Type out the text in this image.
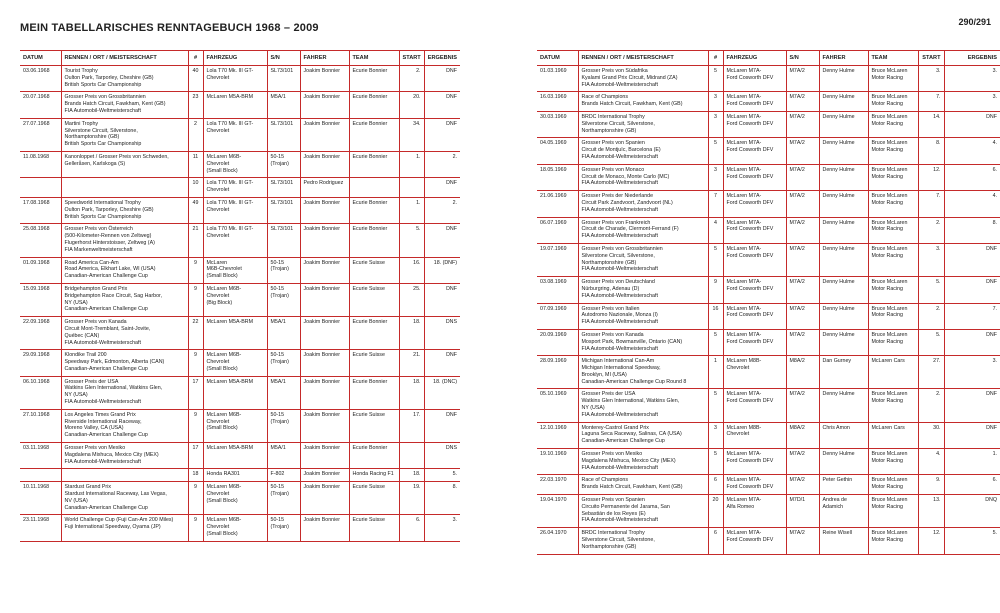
MEIN TABELLARISCHES RENNTAGEBUCH 1968 – 2009	290/291
DATUM	RENNEN / ORT / MEISTERSCHAFT	#	FAHRZEUG	S/N	FAHRER	TEAM	START	ERGEBNIS
03.06.1968	Tourist Trophy
Oulton Park, Tarporley, Cheshire (GB)
British Sports Car Championship	40	Lola T70 Mk. III GT-
Chevrolet	SL73/101	Joakim Bonnier	Ecurie Bonnier	2.	DNF
20.07.1968	Grosser Preis von Grossbritannien
Brands Hatch Circuit, Fawkham, Kent (GB)
FIA Automobil-Weltmeisterschaft	23	McLaren M5A-BRM	M5A/1	Joakim Bonnier	Ecurie Bonnier	20.	DNF
27.07.1968	Martini Trophy
Silverstone Circuit, Silverstone,
Northamptonshire (GB)
British Sports Car Championship	2	Lola T70 Mk. III GT-
Chevrolet	SL73/101	Joakim Bonnier	Ecurie Bonnier	34.	DNF
11.08.1968	Kanonloppet / Grosser Preis von Schweden,
Gelleråsen, Karlskoga (S)	11	McLaren M6B-
Chevrolet
(Small Block)	50-15
(Trojan)	Joakim Bonnier	Ecurie Bonnier	1.	2.
		10	Lola T70 Mk. III GT-
Chevrolet	SL73/101	Pedro Rodriguez			DNF
17.08.1968	Speedworld International Trophy
Oulton Park, Tarporley, Cheshire (GB)
British Sports Car Championship	49	Lola T70 Mk. III GT-
Chevrolet	SL73/101	Joakim Bonnier	Ecurie Bonnier	1.	2.
25.08.1968	Grosser Preis von Österreich
(500-Kilometer-Rennen von Zeltweg)
Flugerhorst Hinterstoisser, Zeltweg (A)
FIA Markenweltmeisterschaft	21	Lola T70 Mk. III GT-
Chevrolet	SL73/101	Joakim Bonnier	Ecurie Bonnier	5.	DNF
01.09.1968	Road America Can-Am
Road America, Elkhart Lake, WI (USA)
Canadian-American Challenge Cup	9	McLaren
M6B-Chevrolet
(Small Block)	50-15
(Trojan)	Joakim Bonnier	Ecurie Suisse	16.	18. (DNF)
15.09.1968	Bridgehampton Grand Prix
Bridgehampton Race Circuit, Sag Harbor,
NY (USA)
Canadian-American Challenge Cup	9	McLaren M6B-
Chevrolet
(Big Block)	50-15
(Trojan)	Joakim Bonnier	Ecurie Suisse	25.	DNF
22.09.1968	Grosser Preis von Kanada
Circuit Mont-Tremblant, Saint-Jovite,
Québec (CAN)
FIA Automobil-Weltmeisterschaft	22	McLaren M5A-BRM	M5A/1	Joakim Bonnier	Ecurie Bonnier	18.	DNS
29.09.1968	Klondike Trail 200
Speedway Park, Edmonton, Alberta (CAN)
Canadian-American Challenge Cup	9	McLaren M6B-
Chevrolet
(Small Block)	50-15
(Trojan)	Joakim Bonnier	Ecurie Suisse	21.	DNF
06.10.1968	Grosser Preis der USA
Watkins Glen International, Watkins Glen,
NY (USA)
FIA Automobil-Weltmeisterschaft	17	McLaren M5A-BRM	M5A/1	Joakim Bonnier	Ecurie Bonnier	18.	18. (DNC)
27.10.1968	Los Angeles Times Grand Prix
Riverside International Raceway,
Moreno Valley, CA (USA)
Canadian-American Challenge Cup	9	McLaren M6B-
Chevrolet
(Small Block)	50-15
(Trojan)	Joakim Bonnier	Ecurie Suisse	17.	DNF
03.11.1968	Grosser Preis von Mexiko
Magdalena Mixhuca, Mexico City (MEX)
FIA Automobil-Weltmeisterschaft	17	McLaren M5A-BRM	M5A/1	Joakim Bonnier	Ecurie Bonnier		DNS
		18	Honda RA301	F-802	Joakim Bonnier	Honda Racing F1	18.	5.
10.11.1968	Stardust Grand Prix
Stardust International Raceway, Las Vegas,
NV (USA)
Canadian-American Challenge Cup	9	McLaren M6B-
Chevrolet
(Small Block)	50-15
(Trojan)	Joakim Bonnier	Ecurie Suisse	19.	8.
23.11.1968	World Challenge Cup (Fuji Can-Am 200 Miles)
Fuji International Speedway, Oyama (JP)	9	McLaren M6B-
Chevrolet
(Small Block)	50-15
(Trojan)	Joakim Bonnier	Ecurie Suisse	6.	3.
DATUM	RENNEN / ORT / MEISTERSCHAFT	#	FAHRZEUG	S/N	FAHRER	TEAM	START	ERGEBNIS
01.03.1969	Grosser Preis von Südafrika
Kyalami Grand Prix Circuit, Midrand (ZA)
FIA Automobil-Weltmeisterschaft	5	McLaren M7A-
Ford Cosworth DFV	M7A/2	Denny Hulme	Bruce McLaren
Motor Racing	3.	3.
16.03.1969	Race of Champions
Brands Hatch Circuit, Fawkham, Kent (GB)	3	McLaren M7A-
Ford Cosworth DFV	M7A/2	Denny Hulme	Bruce McLaren
Motor Racing	7.	3.
30.03.1969	BRDC International Trophy
Silverstone Circuit, Silverstone,
Northamptonshire (GB)	3	McLaren M7A-
Ford Cosworth DFV	M7A/2	Denny Hulme	Bruce McLaren
Motor Racing	14.	DNF
04.05.1969	Grosser Preis von Spanien
Circuit de Montjuïc, Barcelona (E)
FIA Automobil-Weltmeisterschaft	5	McLaren M7A-
Ford Cosworth DFV	M7A/2	Denny Hulme	Bruce McLaren
Motor Racing	8.	4.
18.05.1969	Grosser Preis von Monaco
Circuit de Monaco, Monte Carlo (MC)
FIA Automobil-Weltmeisterschaft	3	McLaren M7A-
Ford Cosworth DFV	M7A/2	Denny Hulme	Bruce McLaren
Motor Racing	12.	6.
21.06.1969	Grosser Preis der Niederlande
Circuit Park Zandvoort, Zandvoort (NL)
FIA Automobil-Weltmeisterschaft	7	McLaren M7A-
Ford Cosworth DFV	M7A/2	Denny Hulme	Bruce McLaren
Motor Racing	7.	4.
06.07.1969	Grosser Preis von Frankreich
Circuit de Charade, Clermont-Ferrand (F)
FIA Automobil-Weltmeisterschaft	4	McLaren M7A-
Ford Cosworth DFV	M7A/2	Denny Hulme	Bruce McLaren
Motor Racing	2.	8.
19.07.1969	Grosser Preis von Grossbritannien
Silverstone Circuit, Silverstone,
Northamptonshire (GB)
FIA Automobil-Weltmeisterschaft	5	McLaren M7A-
Ford Cosworth DFV	M7A/2	Denny Hulme	Bruce McLaren
Motor Racing	3.	DNF
03.08.1969	Grosser Preis von Deutschland
Nürburgring, Adenau (D)
FIA Automobil-Weltmeisterschaft	9	McLaren M7A-
Ford Cosworth DFV	M7A/2	Denny Hulme	Bruce McLaren
Motor Racing	5.	DNF
07.09.1969	Grosser Preis von Italien
Autodromo Nazionale, Monza (I)
FIA Automobil-Weltmeisterschaft	16	McLaren M7A-
Ford Cosworth DFV	M7A/2	Denny Hulme	Bruce McLaren
Motor Racing	2.	7.
20.09.1969	Grosser Preis von Kanada
Mosport Park, Bowmanville, Ontario (CAN)
FIA Automobil-Weltmeisterschaft	5	McLaren M7A-
Ford Cosworth DFV	M7A/2	Denny Hulme	Bruce McLaren
Motor Racing	5.	DNF
28.09.1969	Michigan International Can-Am
Michigan International Speedway,
Brooklyn, MI (USA)
Canadian-American Challenge Cup Round 8	1	McLaren M8B-
Chevrolet	M8A/2	Dan Gurney	McLaren Cars	27.	3.
05.10.1969	Grosser Preis der USA
Watkins Glen International, Watkins Glen,
NY (USA)
FIA Automobil-Weltmeisterschaft	5	McLaren M7A-
Ford Cosworth DFV	M7A/2	Denny Hulme	Bruce McLaren
Motor Racing	2.	DNF
12.10.1969	Monterey-Castrol Grand Prix
Laguna Seca Raceway, Salinas, CA (USA)
Canadian-American Challenge Cup	3	McLaren M8B-
Chevrolet	M8A/2	Chris Amon	McLaren Cars	30.	DNF
19.10.1969	Grosser Preis von Mexiko
Magdalena Mixhuca, Mexico City (MEX)
FIA Automobil-Weltmeisterschaft	5	McLaren M7A-
Ford Cosworth DFV	M7A/2	Denny Hulme	Bruce McLaren
Motor Racing	4.	1.
22.03.1970	Race of Champions
Brands Hatch Circuit, Fawkham, Kent (GB)	6	McLaren M7A-
Ford Cosworth DFV	M7A/2	Peter Gethin	Bruce McLaren
Motor Racing	9.	6.
19.04.1970	Grosser Preis von Spanien
Circuito Permanente del Jarama, San
Sebastián de los Reyes (E)
FIA Automobil-Weltmeisterschaft	20	McLaren M7A-
Alfa Romeo	M7D/1	Andrea de
Adamich	Bruce McLaren
Motor Racing	13.	DNQ
26.04.1970	BRDC International Trophy
Silverstone Circuit, Silverstone,
Northamptonshire (GB)	6	McLaren M7A-
Ford Cosworth DFV	M7A/2	Reine Wisell	Bruce McLaren
Motor Racing	12.	5.
